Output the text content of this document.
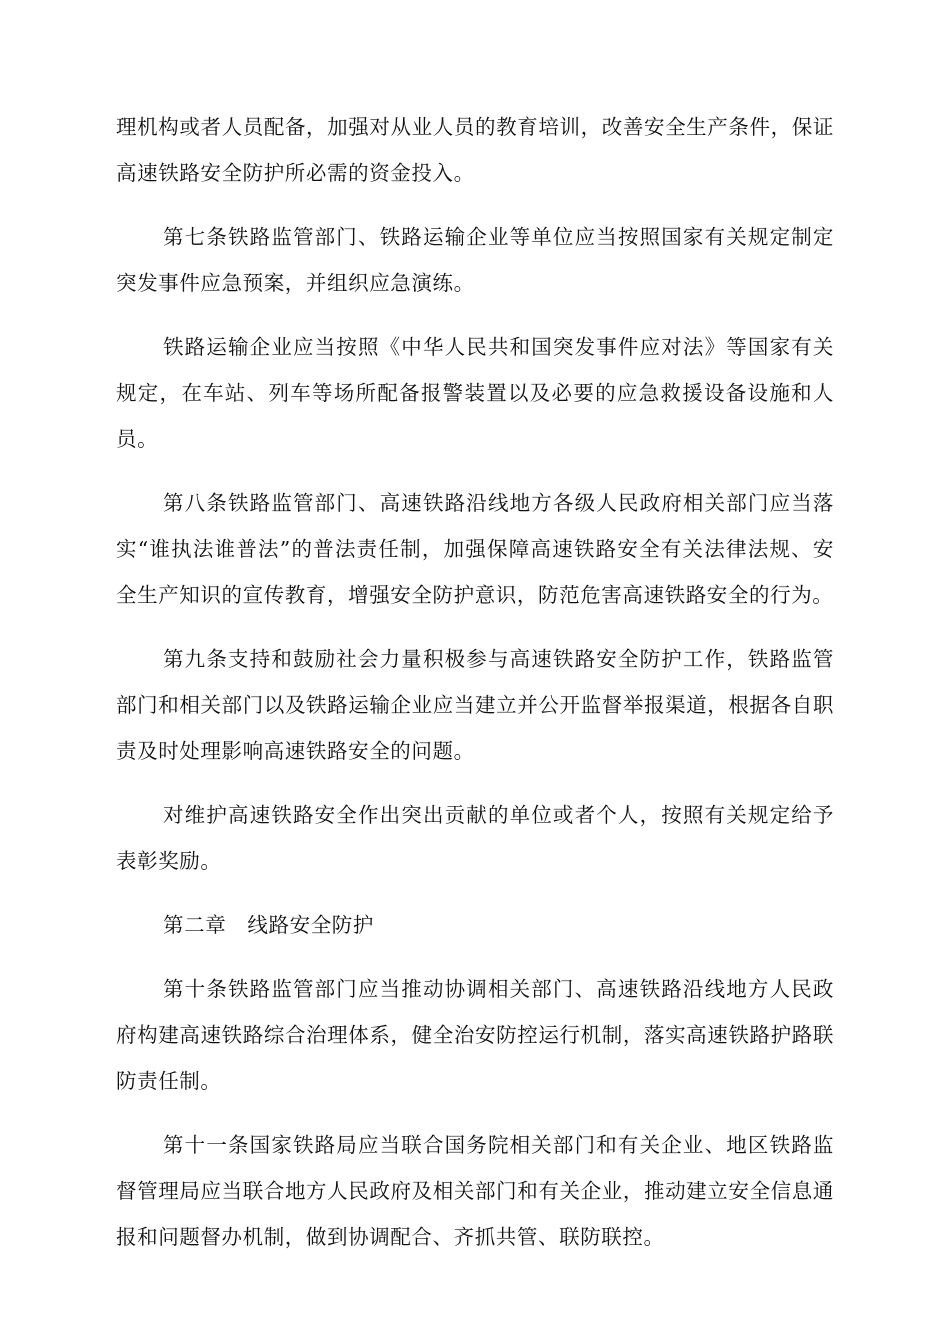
理机构或者人员配备，加强对从业人员的教育培训，改善安全生产条件，保证高速铁路安全防护所必需的资金投入。

第七条铁路监管部门、铁路运输企业等单位应当按照国家有关规定制定突发事件应急预案，并组织应急演练。

铁路运输企业应当按照《中华人民共和国突发事件应对法》等国家有关规定，在车站、列车等场所配备报警装置以及必要的应急救援设备设施和人员。

第八条铁路监管部门、高速铁路沿线地方各级人民政府相关部门应当落实“谁执法谁普法”的普法责任制，加强保障高速铁路安全有关法律法规、安全生产知识的宣传教育，增强安全防护意识，防范危害高速铁路安全的行为。

第九条支持和鼓励社会力量积极参与高速铁路安全防护工作，铁路监管部门和相关部门以及铁路运输企业应当建立并公开监督举报渠道，根据各自职责及时处理影响高速铁路安全的问题。

对维护高速铁路安全作出突出贡献的单位或者个人，按照有关规定给予表彰奖励。

第二章　线路安全防护

第十条铁路监管部门应当推动协调相关部门、高速铁路沿线地方人民政府构建高速铁路综合治理体系，健全治安防控运行机制，落实高速铁路护路联防责任制。

第十一条国家铁路局应当联合国务院相关部门和有关企业、地区铁路监督管理局应当联合地方人民政府及相关部门和有关企业，推动建立安全信息通报和问题督办机制，做到协调配合、齐抓共管、联防联控。
